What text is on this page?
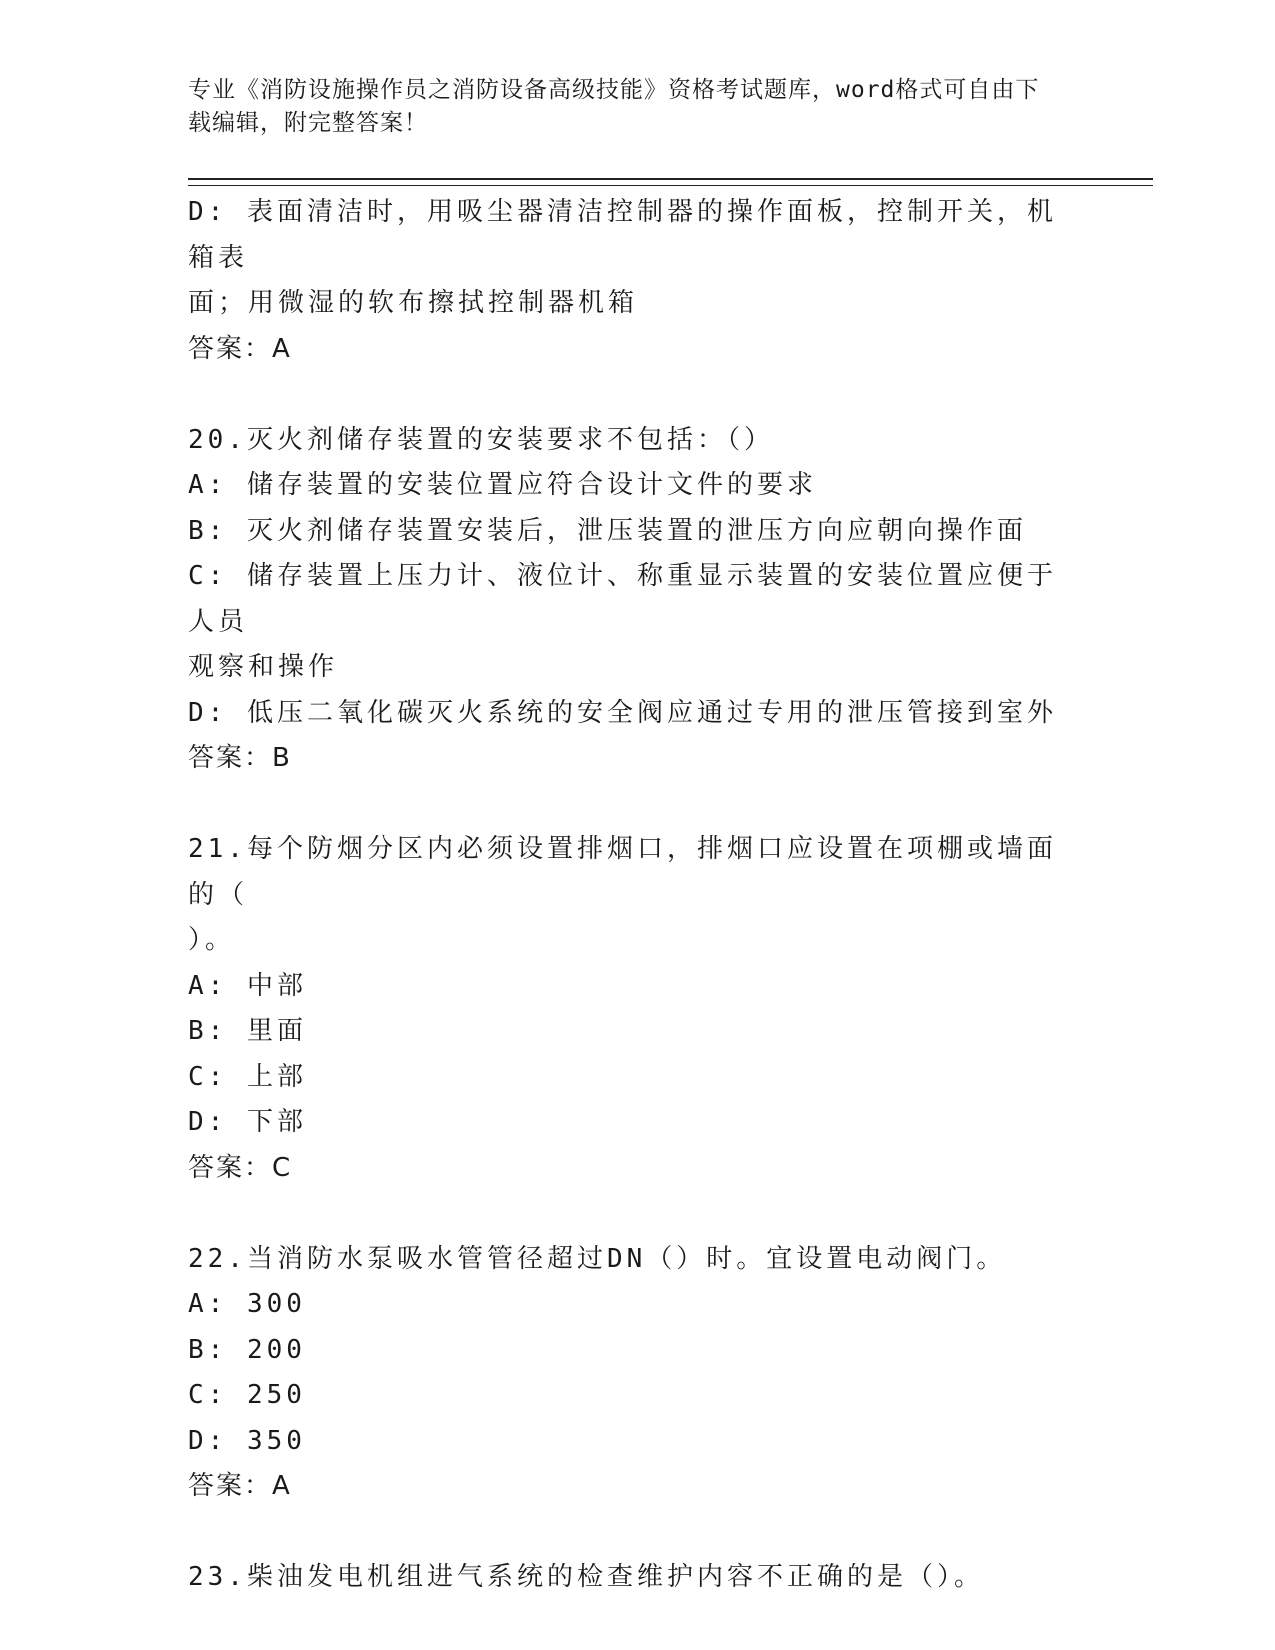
专业《消防设施操作员之消防设备高级技能》资格考试题库，word格式可自由下
载编辑，附完整答案！
D: 表面清洁时，用吸尘器清洁控制器的操作面板，控制开关，机箱表
面；用微湿的软布擦拭控制器机箱
答案：A
20.灭火剂储存装置的安装要求不包括：（）
A: 储存装置的安装位置应符合设计文件的要求
B: 灭火剂储存装置安装后，泄压装置的泄压方向应朝向操作面
C: 储存装置上压力计、液位计、称重显示装置的安装位置应便于人员
观察和操作
D: 低压二氧化碳灭火系统的安全阀应通过专用的泄压管接到室外
答案：B
21.每个防烟分区内必须设置排烟口，排烟口应设置在项棚或墙面的（
）。
A: 中部
B: 里面
C: 上部
D: 下部
答案：C
22.当消防水泵吸水管管径超过DN（）时。宜设置电动阀门。
A: 300
B: 200
C: 250
D: 350
答案：A
23.柴油发电机组进气系统的检查维护内容不正确的是（）。
